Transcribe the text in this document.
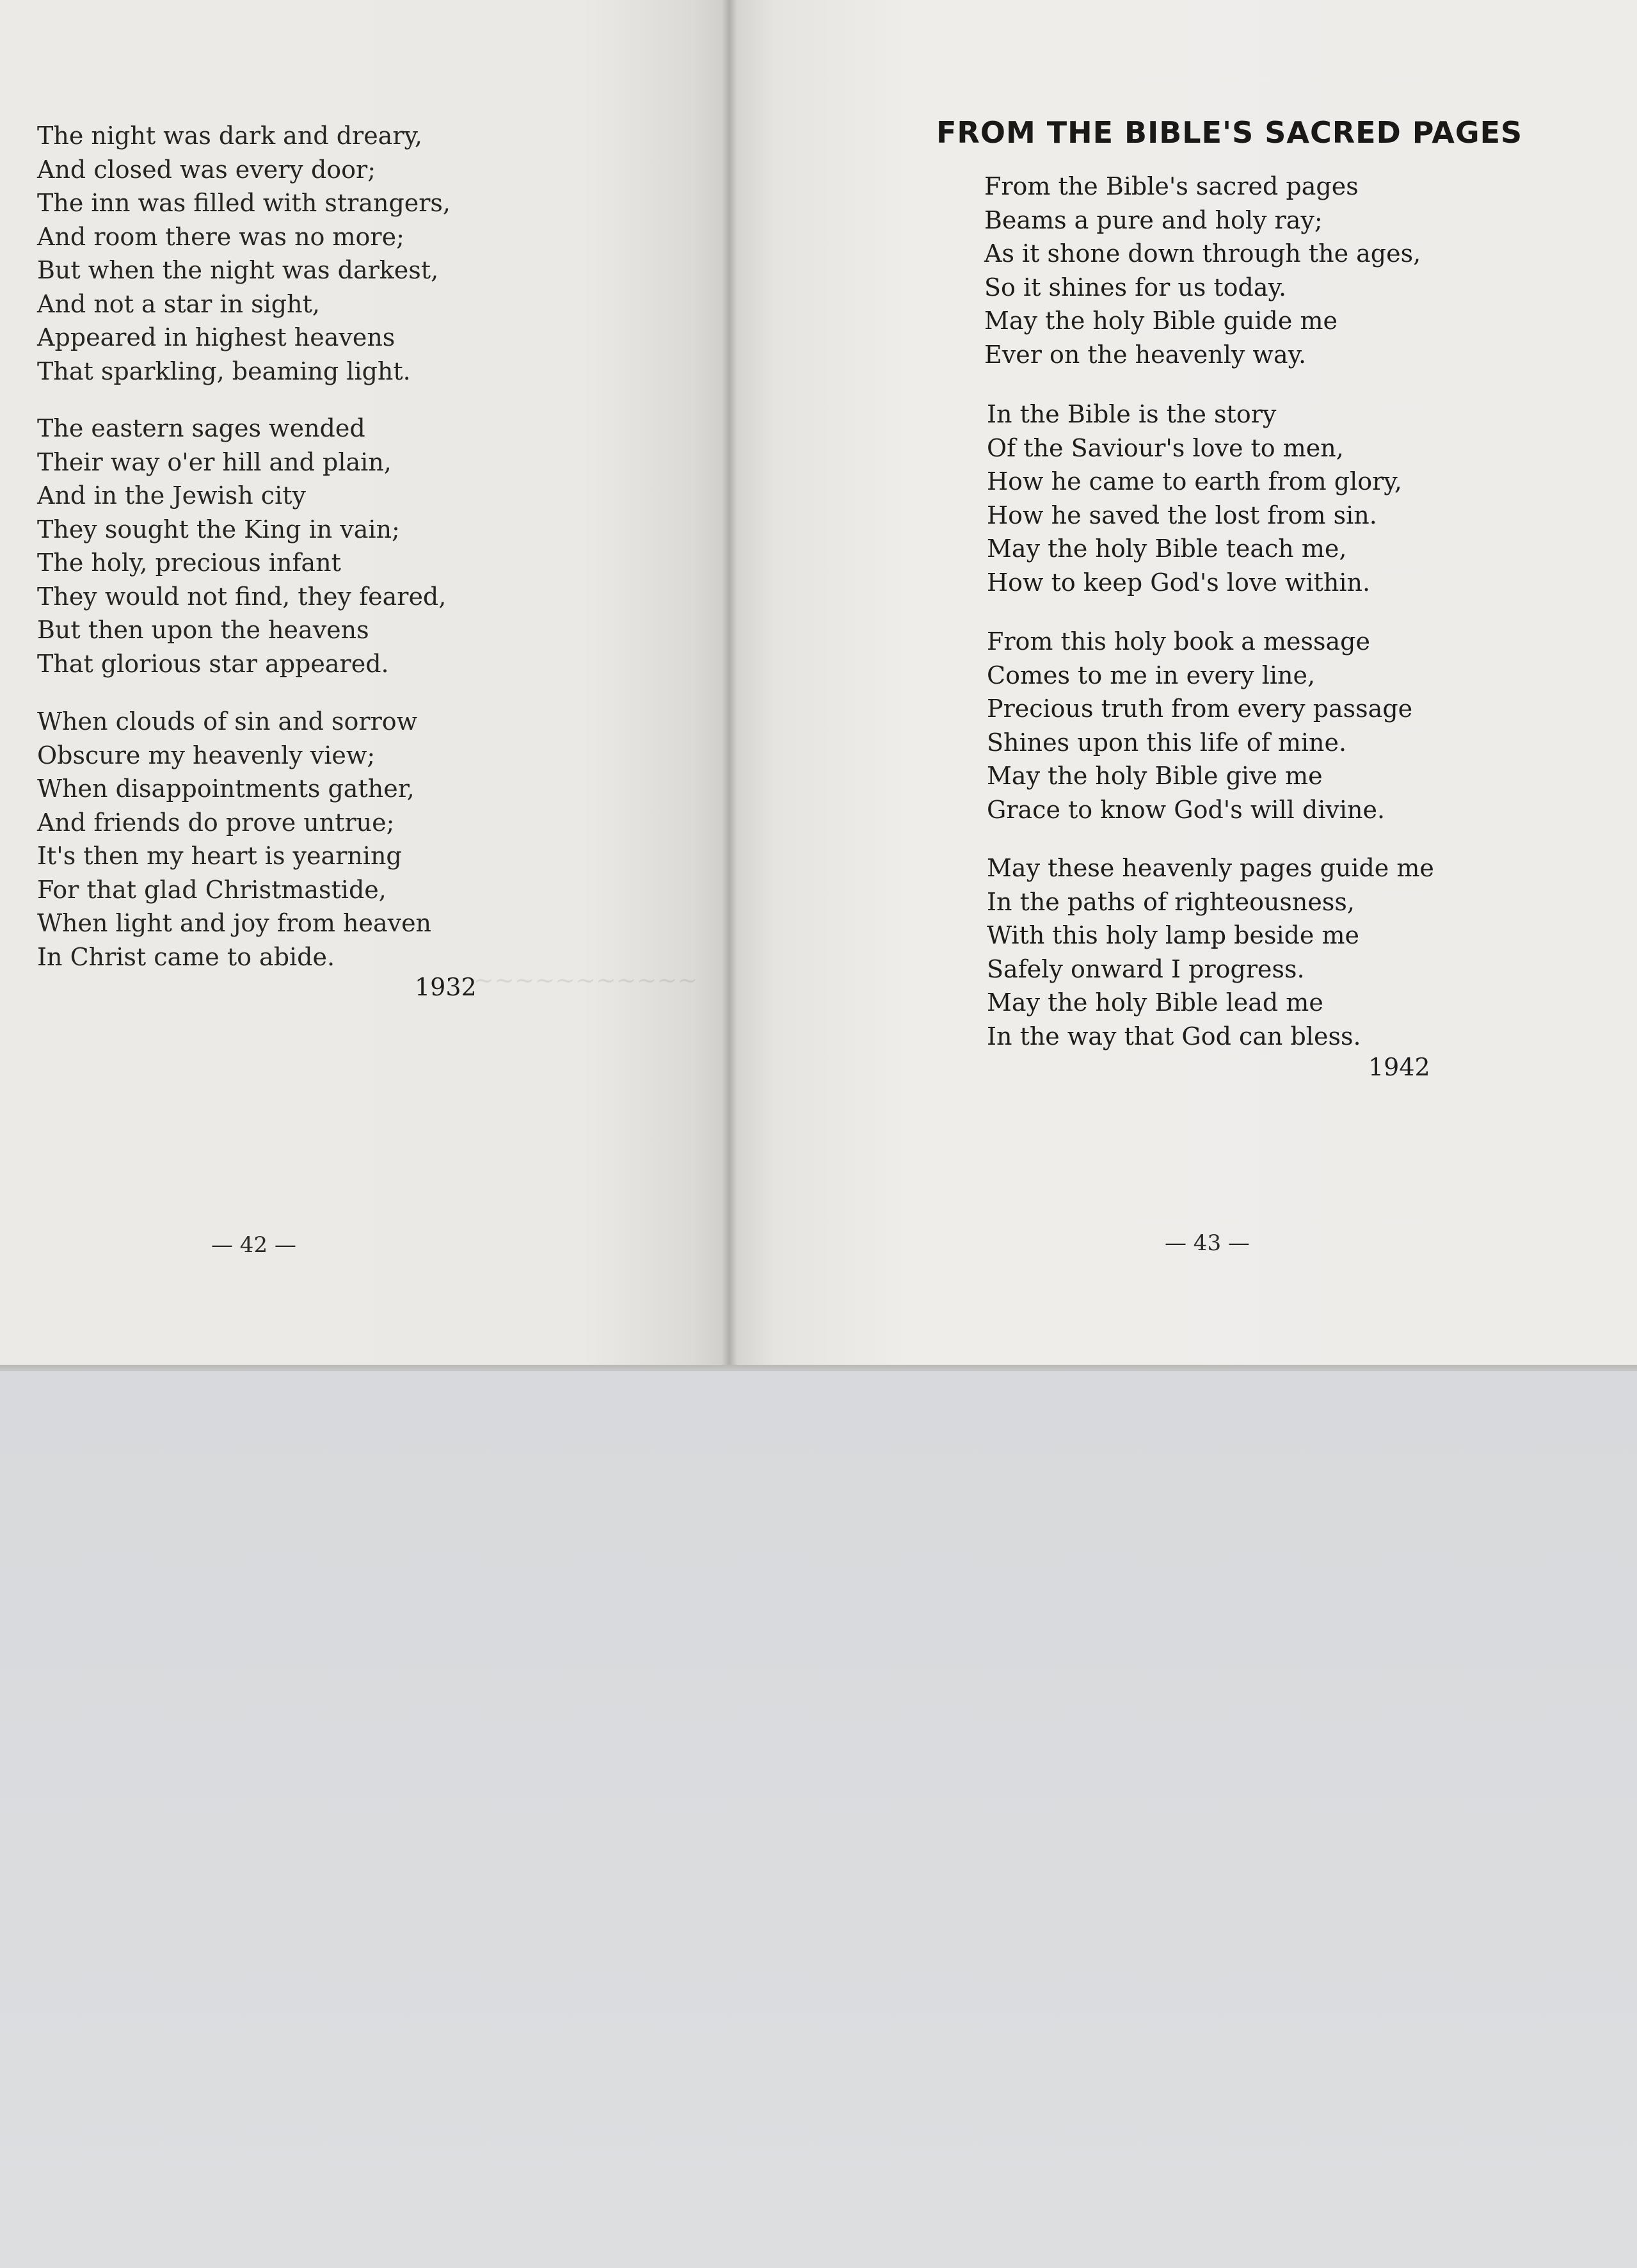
~~~~~~~~~~~
The night was dark and dreary,
And closed was every door;
The inn was filled with strangers,
And room there was no more;
But when the night was darkest,
And not a star in sight,
Appeared in highest heavens
That sparkling, beaming light.
The eastern sages wended
Their way o'er hill and plain,
And in the Jewish city
They sought the King in vain;
The holy, precious infant
They would not find, they feared,
But then upon the heavens
That glorious star appeared.
When clouds of sin and sorrow
Obscure my heavenly view;
When disappointments gather,
And friends do prove untrue;
It's then my heart is yearning
For that glad Christmastide,
When light and joy from heaven
In Christ came to abide.
1932
— 42 —
FROM THE BIBLE'S SACRED PAGES
From the Bible's sacred pages
Beams a pure and holy ray;
As it shone down through the ages,
So it shines for us today.
May the holy Bible guide me
Ever on the heavenly way.
In the Bible is the story
Of the Saviour's love to men,
How he came to earth from glory,
How he saved the lost from sin.
May the holy Bible teach me,
How to keep God's love within.
From this holy book a message
Comes to me in every line,
Precious truth from every passage
Shines upon this life of mine.
May the holy Bible give me
Grace to know God's will divine.
May these heavenly pages guide me
In the paths of righteousness,
With this holy lamp beside me
Safely onward I progress.
May the holy Bible lead me
In the way that God can bless.
1942
— 43 —
